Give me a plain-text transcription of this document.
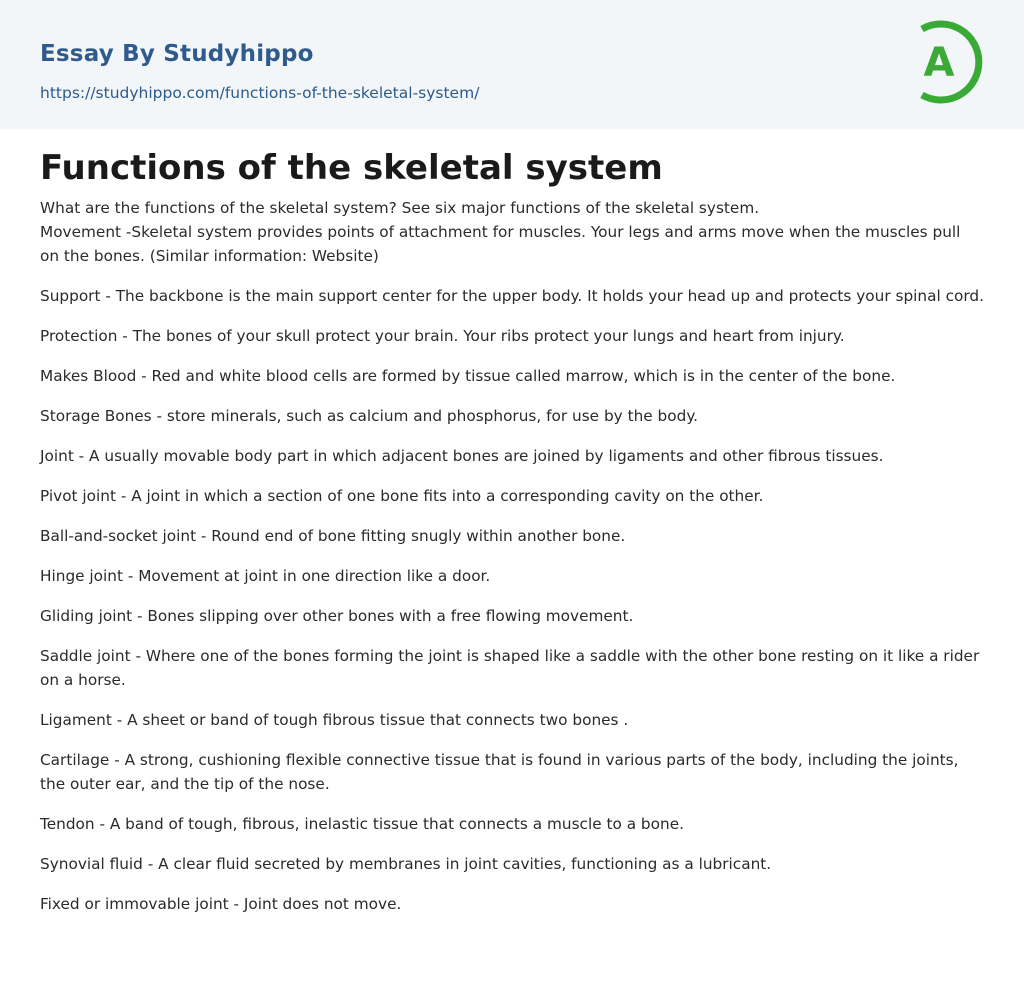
Essay By Studyhippo
https://studyhippo.com/functions-of-the-skeletal-system/
A
Functions of the skeletal system

What are the functions of the skeletal system? See six major functions of the skeletal system.

Movement -Skeletal system provides points of attachment for muscles. Your legs and arms move when the muscles pull on the bones. (Similar information: Website)

Support - The backbone is the main support center for the upper body. It holds your head up and protects your spinal cord.

Protection - The bones of your skull protect your brain. Your ribs protect your lungs and heart from injury.

Makes Blood - Red and white blood cells are formed by tissue called marrow, which is in the center of the bone.

Storage Bones - store minerals, such as calcium and phosphorus, for use by the body.

Joint - A usually movable body part in which adjacent bones are joined by ligaments and other fibrous tissues.

Pivot joint - A joint in which a section of one bone fits into a corresponding cavity on the other.

Ball-and-socket joint - Round end of bone fitting snugly within another bone.

Hinge joint - Movement at joint in one direction like a door.

Gliding joint - Bones slipping over other bones with a free flowing movement.

Saddle joint - Where one of the bones forming the joint is shaped like a saddle with the other bone resting on it like a rider on a horse.

Ligament - A sheet or band of tough fibrous tissue that connects two bones .

Cartilage - A strong, cushioning flexible connective tissue that is found in various parts of the body, including the joints, the outer ear, and the tip of the nose.

Tendon - A band of tough, fibrous, inelastic tissue that connects a muscle to a bone.

Synovial fluid - A clear fluid secreted by membranes in joint cavities, functioning as a lubricant.

Fixed or immovable joint - Joint does not move.
